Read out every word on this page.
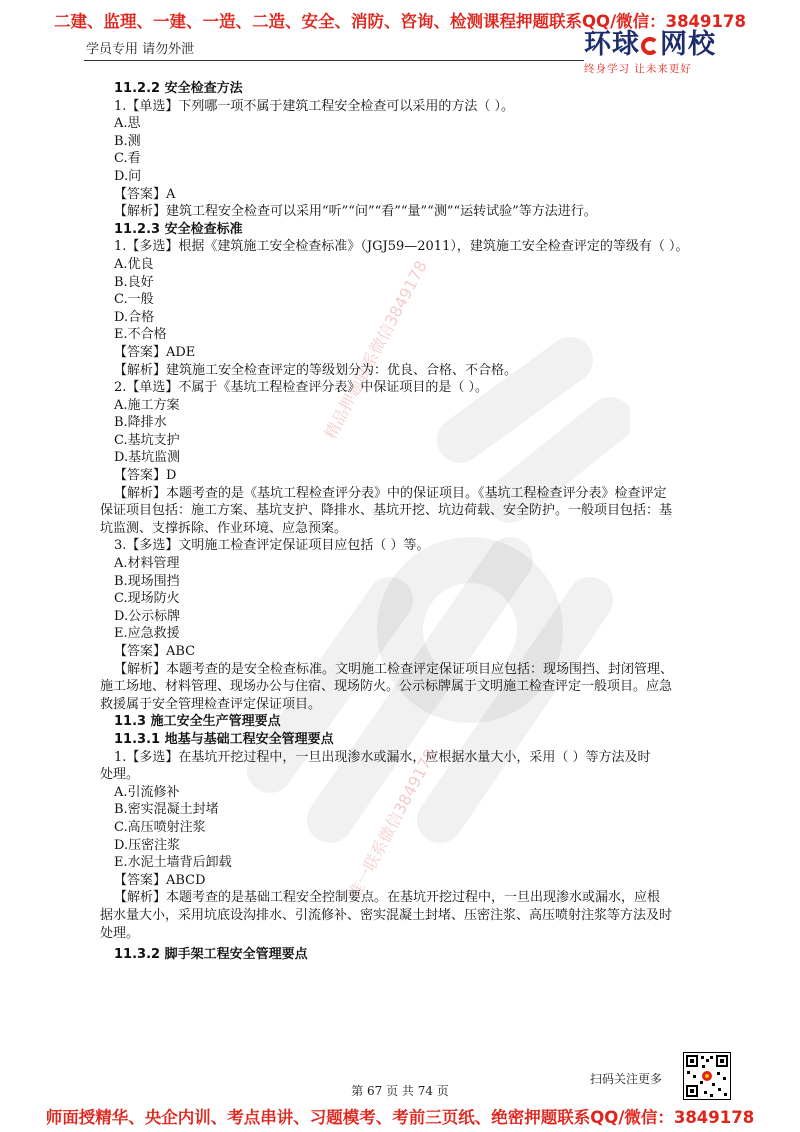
二建、监理、一建、一造、二造、安全、消防、咨询、检测课程押题联系QQ/微信：3849178
学员专用 请勿外泄	环球 网校
终身学习 让未来更好
精品押题联系微信3849178
唯一联系微信3849178
11.2.2 安全检查方法

1.【单选】下列哪一项不属于建筑工程安全检查可以采用的方法（ ）。

A.思

B.测

C.看

D.问

【答案】A

【解析】建筑工程安全检查可以采用“听”“问”“看”“量”“测”“运转试验”等方法进行。

11.2.3 安全检查标准

1.【多选】根据《建筑施工安全检查标准》（JGJ59—2011），建筑施工安全检查评定的等级有（ ）。

A.优良

B.良好

C.一般

D.合格

E.不合格

【答案】ADE

【解析】建筑施工安全检查评定的等级划分为：优良、合格、不合格。

2.【单选】不属于《基坑工程检查评分表》中保证项目的是（ ）。

A.施工方案

B.降排水

C.基坑支护

D.基坑监测

【答案】D

【解析】本题考查的是《基坑工程检查评分表》中的保证项目。《基坑工程检查评分表》检查评定

保证项目包括：施工方案、基坑支护、降排水、基坑开挖、坑边荷载、安全防护。一般项目包括：基

坑监测、支撑拆除、作业环境、应急预案。

3.【多选】文明施工检查评定保证项目应包括（ ）等。

A.材料管理

B.现场围挡

C.现场防火

D.公示标牌

E.应急救援

【答案】ABC

【解析】本题考查的是安全检查标准。文明施工检查评定保证项目应包括：现场围挡、封闭管理、

施工场地、材料管理、现场办公与住宿、现场防火。公示标牌属于文明施工检查评定一般项目。应急

救援属于安全管理检查评定保证项目。

11.3 施工安全生产管理要点
11.3.1 地基与基础工程安全管理要点

1.【多选】在基坑开挖过程中，一旦出现渗水或漏水，应根据水量大小，采用（ ）等方法及时

处理。

A.引流修补

B.密实混凝土封堵

C.高压喷射注浆

D.压密注浆

E.水泥土墙背后卸载

【答案】ABCD

【解析】本题考查的是基础工程安全控制要点。在基坑开挖过程中，一旦出现渗水或漏水，应根

据水量大小，采用坑底设沟排水、引流修补、密实混凝土封堵、压密注浆、高压喷射注浆等方法及时

处理。

11.3.2 脚手架工程安全管理要点
扫码关注更多
第 67 页 共 74 页
师面授精华、央企内训、考点串讲、习题模考、考前三页纸、绝密押题联系QQ/微信：3849178
